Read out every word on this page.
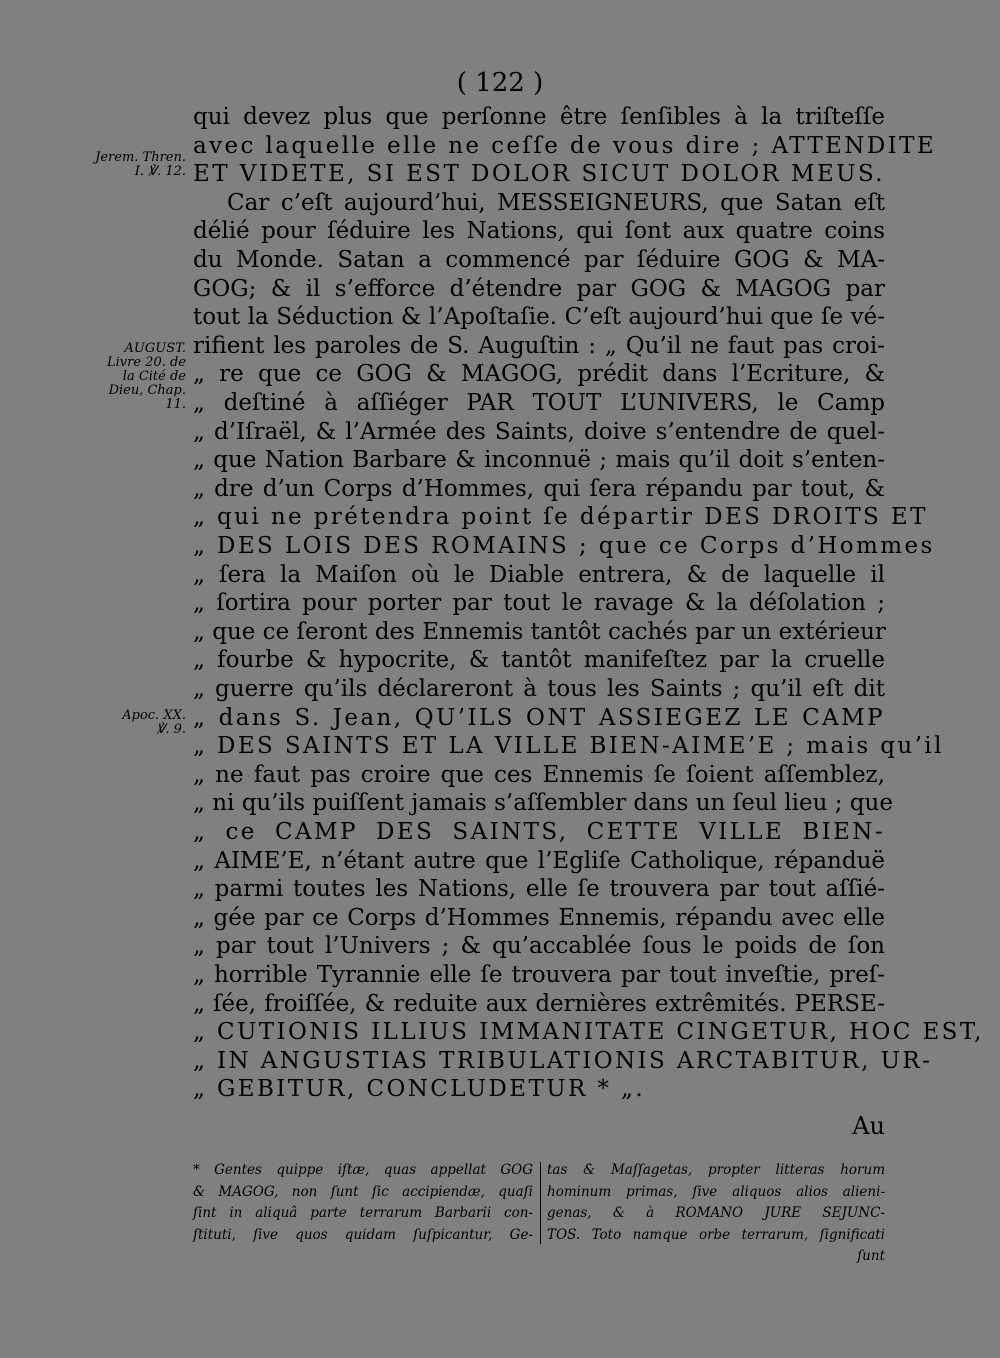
( 122 )
qui devez plus que perſonne être ſenſibles à la triſteſſe
avec laquelle elle ne ceſſe de vous dire ; ATTENDITE
ET VIDETE, SI EST DOLOR SICUT DOLOR MEUS.
Car c’eſt aujourd’hui, MESSEIGNEURS, que Satan eſt
délié pour ſéduire les Nations, qui ſont aux quatre coins
du Monde. Satan a commencé par ſéduire GOG & MA-
GOG; & il s’efforce d’étendre par GOG & MAGOG par
tout la Séduction & l’Apoſtaſie. C’eſt aujourd’hui que ſe vé-
rifient les paroles de S. Auguſtin : „ Qu’il ne faut pas croi-
„ re que ce GOG & MAGOG, prédit dans l’Ecriture, &
„ deſtiné à aſſiéger PAR TOUT L’UNIVERS, le Camp
„ d’Iſraël, & l’Armée des Saints, doive s’entendre de quel-
„ que Nation Barbare & inconnuë ; mais qu’il doit s’enten-
„ dre d’un Corps d’Hommes, qui ſera répandu par tout, &
„ qui ne prétendra point ſe départir DES DROITS ET
„ DES LOIS DES ROMAINS ; que ce Corps d’Hommes
„ ſera la Maiſon où le Diable entrera, & de laquelle il
„ ſortira pour porter par tout le ravage & la déſolation ;
„ que ce ſeront des Ennemis tantôt cachés par un extérieur
„ fourbe & hypocrite, & tantôt manifeſtez par la cruelle
„ guerre qu’ils déclareront à tous les Saints ; qu’il eſt dit
„ dans S. Jean, QU’ILS ONT ASSIEGEZ LE CAMP
„ DES SAINTS ET LA VILLE BIEN-AIME’E ; mais qu’il
„ ne faut pas croire que ces Ennemis ſe ſoient aſſemblez,
„ ni qu’ils puiſſent jamais s’aſſembler dans un ſeul lieu ; que
„ ce CAMP DES SAINTS, CETTE VILLE BIEN-
„ AIME’E, n’étant autre que l’Egliſe Catholique, répanduë
„ parmi toutes les Nations, elle ſe trouvera par tout aſſié-
„ gée par ce Corps d’Hommes Ennemis, répandu avec elle
„ par tout l’Univers ; & qu’accablée ſous le poids de ſon
„ horrible Tyrannie elle ſe trouvera par tout inveſtie, preſ-
„ ſée, froiſſée, & reduite aux dernières extrêmités. PERSE-
„ CUTIONIS ILLIUS IMMANITATE CINGETUR, HOC EST,
„ IN ANGUSTIAS TRIBULATIONIS ARCTABITUR, UR-
„ GEBITUR, CONCLUDETUR * „.
Au
Jerem. Thren.
I. ℣. 12.
AUGUST.
Livre 20. de
la Cité de
Dieu, Chap.
11.
Apoc. XX.
℣. 9.
* Gentes quippe iſtæ, quas appellat GOG
& MAGOG, non ſunt ſic accipiendæ, quaſi
ſint in aliquâ parte terrarum Barbarii con-
ſtituti, ſive quos quidam ſuſpicantur, Ge-
tas & Maſſagetas, propter litteras horum
hominum primas, ſive aliquos alios alieni-
genas, & à ROMANO JURE SEJUNC-
TOS. Toto namque orbe terrarum, ſignificati
ſunt
